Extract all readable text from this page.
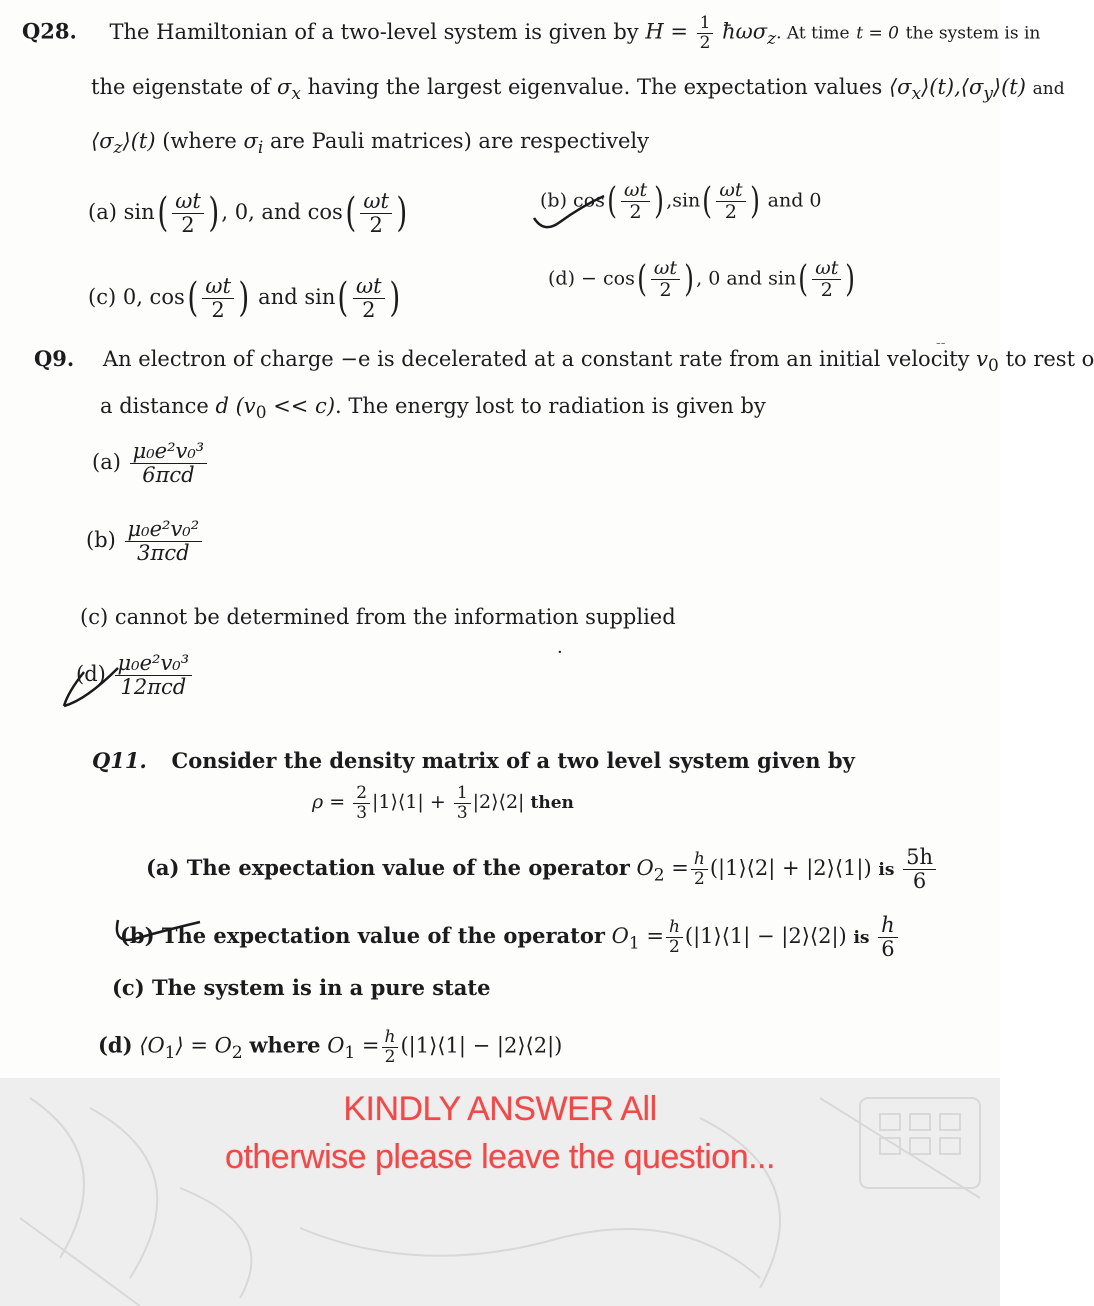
Q28. The Hamiltonian of a two-level system is given by $H = \frac{1}{2}$ ħωσ$_z$. At time t = 0 the system is in
the eigenstate of $\sigma_x$ having the largest eigenvalue. The expectation values $⟨\sigma_x⟩(t),⟨\sigma_y⟩(t)$ and
$⟨\sigma_z⟩(t)$ (where $\sigma_i$ are Pauli matrices) are respectively
(a) $\sin( \frac{\omega t}{2}$ ) , 0, and $\cos( \frac{\omega t}{2}$ )	(b) $\cos( \frac{\omega t}{2}$ ) $,\sin( \frac{\omega t}{2}$ ) and 0
(c) 0, $\cos( \frac{\omega t}{2}$ ) and $\sin( \frac{\omega t}{2}$ )	$(d) - \cos( \frac{\omega t}{2}$ ) , 0 and $\sin( \frac{\omega t}{2}$ )
--
Q9. An electron of charge −e is decelerated at a constant rate from an initial velocity $v_0$ to rest o
a distance d $(v_0 << c)$. The energy lost to radiation is given by
$(a) \frac{\text{μ₀e²v₀³}}{\text{6πcd}}$
$(b) \frac{\text{μ₀e²v₀²}}{\text{3πcd}}$
(c) cannot be determined from the information supplied
·
$(d) \frac{\text{μ₀e²v₀³}}{\text{12πcd}}$
Q11. Consider the density matrix of a two level system given by
$\rho = \frac{2}{3}$ |1⟩⟨1| + $\frac{1}{3}$ |2⟩⟨2| then
(a) The expectation value of the operator $O_2 = \frac{h}{2}$ (|1⟩⟨2| + |2⟩⟨1|) is $\frac{5h}{6}$
(b) The expectation value of the operator $O_1 = \frac{h}{2}$ (|1⟩⟨1| − |2⟩⟨2|) is $\frac{h}{6}$
(c) The system is in a pure state
(d) $⟨O_1⟩ = O_2$ where $O_1 = \frac{h}{2}$ (|1⟩⟨1| − |2⟩⟨2|)
KINDLY ANSWER All
otherwise please leave the question...
